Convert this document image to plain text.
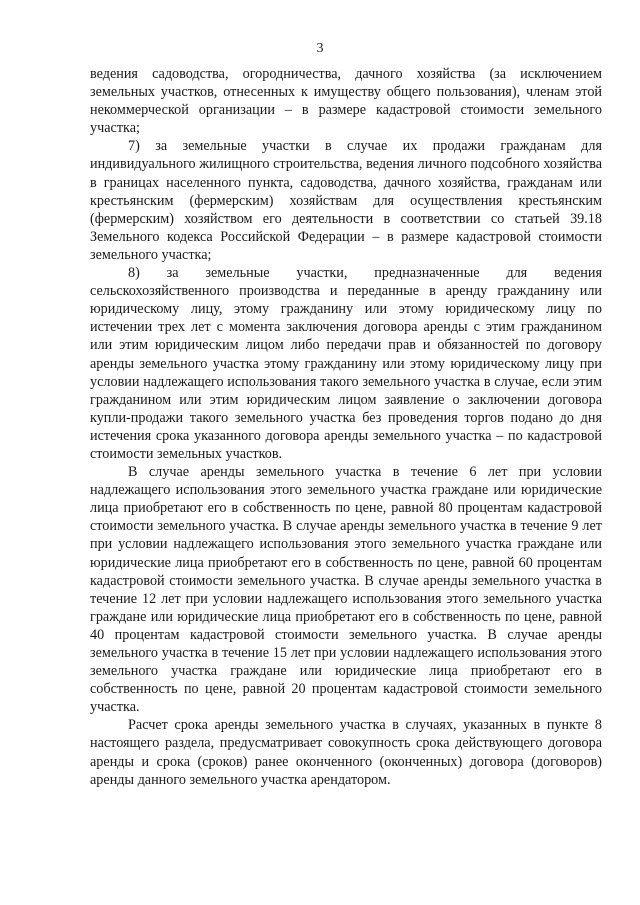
3

ведения садоводства, огородничества, дачного хозяйства (за исключением земельных участков, отнесенных к имуществу общего пользования), членам этой некоммерческой организации – в размере кадастровой стоимости земельного участка;

7) за земельные участки в случае их продажи гражданам для индивидуального жилищного строительства, ведения личного подсобного хозяйства в границах населенного пункта, садоводства, дачного хозяйства, гражданам или крестьянским (фермерским) хозяйствам для осуществления крестьянским (фермерским) хозяйством его деятельности в соответствии со статьей 39.18 Земельного кодекса Российской Федерации – в размере кадастровой стоимости земельного участка;

8) за земельные участки, предназначенные для ведения сельскохозяйственного производства и переданные в аренду гражданину или юридическому лицу, этому гражданину или этому юридическому лицу по истечении трех лет с момента заключения договора аренды с этим гражданином или этим юридическим лицом либо передачи прав и обязанностей по договору аренды земельного участка этому гражданину или этому юридическому лицу при условии надлежащего использования такого земельного участка в случае, если этим гражданином или этим юридическим лицом заявление о заключении договора купли-продажи такого земельного участка без проведения торгов подано до дня истечения срока указанного договора аренды земельного участка – по кадастровой стоимости земельных участков.

В случае аренды земельного участка в течение 6 лет при условии надлежащего использования этого земельного участка граждане или юридические лица приобретают его в собственность по цене, равной 80 процентам кадастровой стоимости земельного участка. В случае аренды земельного участка в течение 9 лет при условии надлежащего использования этого земельного участка граждане или юридические лица приобретают его в собственность по цене, равной 60 процентам кадастровой стоимости земельного участка. В случае аренды земельного участка в течение 12 лет при условии надлежащего использования этого земельного участка граждане или юридические лица приобретают его в собственность по цене, равной 40 процентам кадастровой стоимости земельного участка. В случае аренды земельного участка в течение 15 лет при условии надлежащего использования этого земельного участка граждане или юридические лица приобретают его в собственность по цене, равной 20 процентам кадастровой стоимости земельного участка.

Расчет срока аренды земельного участка в случаях, указанных в пункте 8 настоящего раздела, предусматривает совокупность срока действующего договора аренды и срока (сроков) ранее оконченного (оконченных) договора (договоров) аренды данного земельного участка арендатором.
